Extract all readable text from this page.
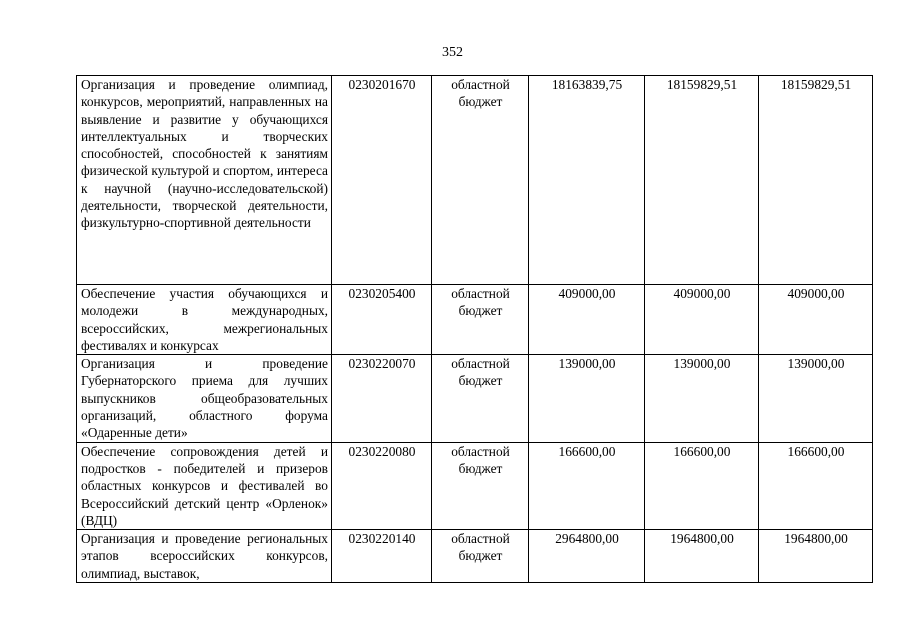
352
Организация и проведение олимпиад, конкурсов, мероприятий, направленных на выявление и развитие у обучающихся интеллектуальных и творческих способностей, способностей к занятиям физической культурой и спортом, интереса к научной (научно-исследовательской) деятельности, творческой деятельности, физкультурно-спортивной деятельности	0230201670	областной бюджет	18163839,75	18159829,51	18159829,51
Обеспечение участия обучающихся и молодежи в международных, всероссийских, межрегиональных фестивалях и конкурсах	0230205400	областной бюджет	409000,00	409000,00	409000,00
Организация и проведение Губернаторского приема для лучших выпускников общеобразовательных организаций, областного форума «Одаренные дети»	0230220070	областной бюджет	139000,00	139000,00	139000,00
Обеспечение сопровождения детей и подростков - победителей и призеров областных конкурсов и фестивалей во Всероссийский детский центр «Орленок» (ВДЦ)	0230220080	областной бюджет	166600,00	166600,00	166600,00
Организация и проведение региональных этапов всероссийских конкурсов, олимпиад, выставок,	0230220140	областной бюджет	2964800,00	1964800,00	1964800,00
